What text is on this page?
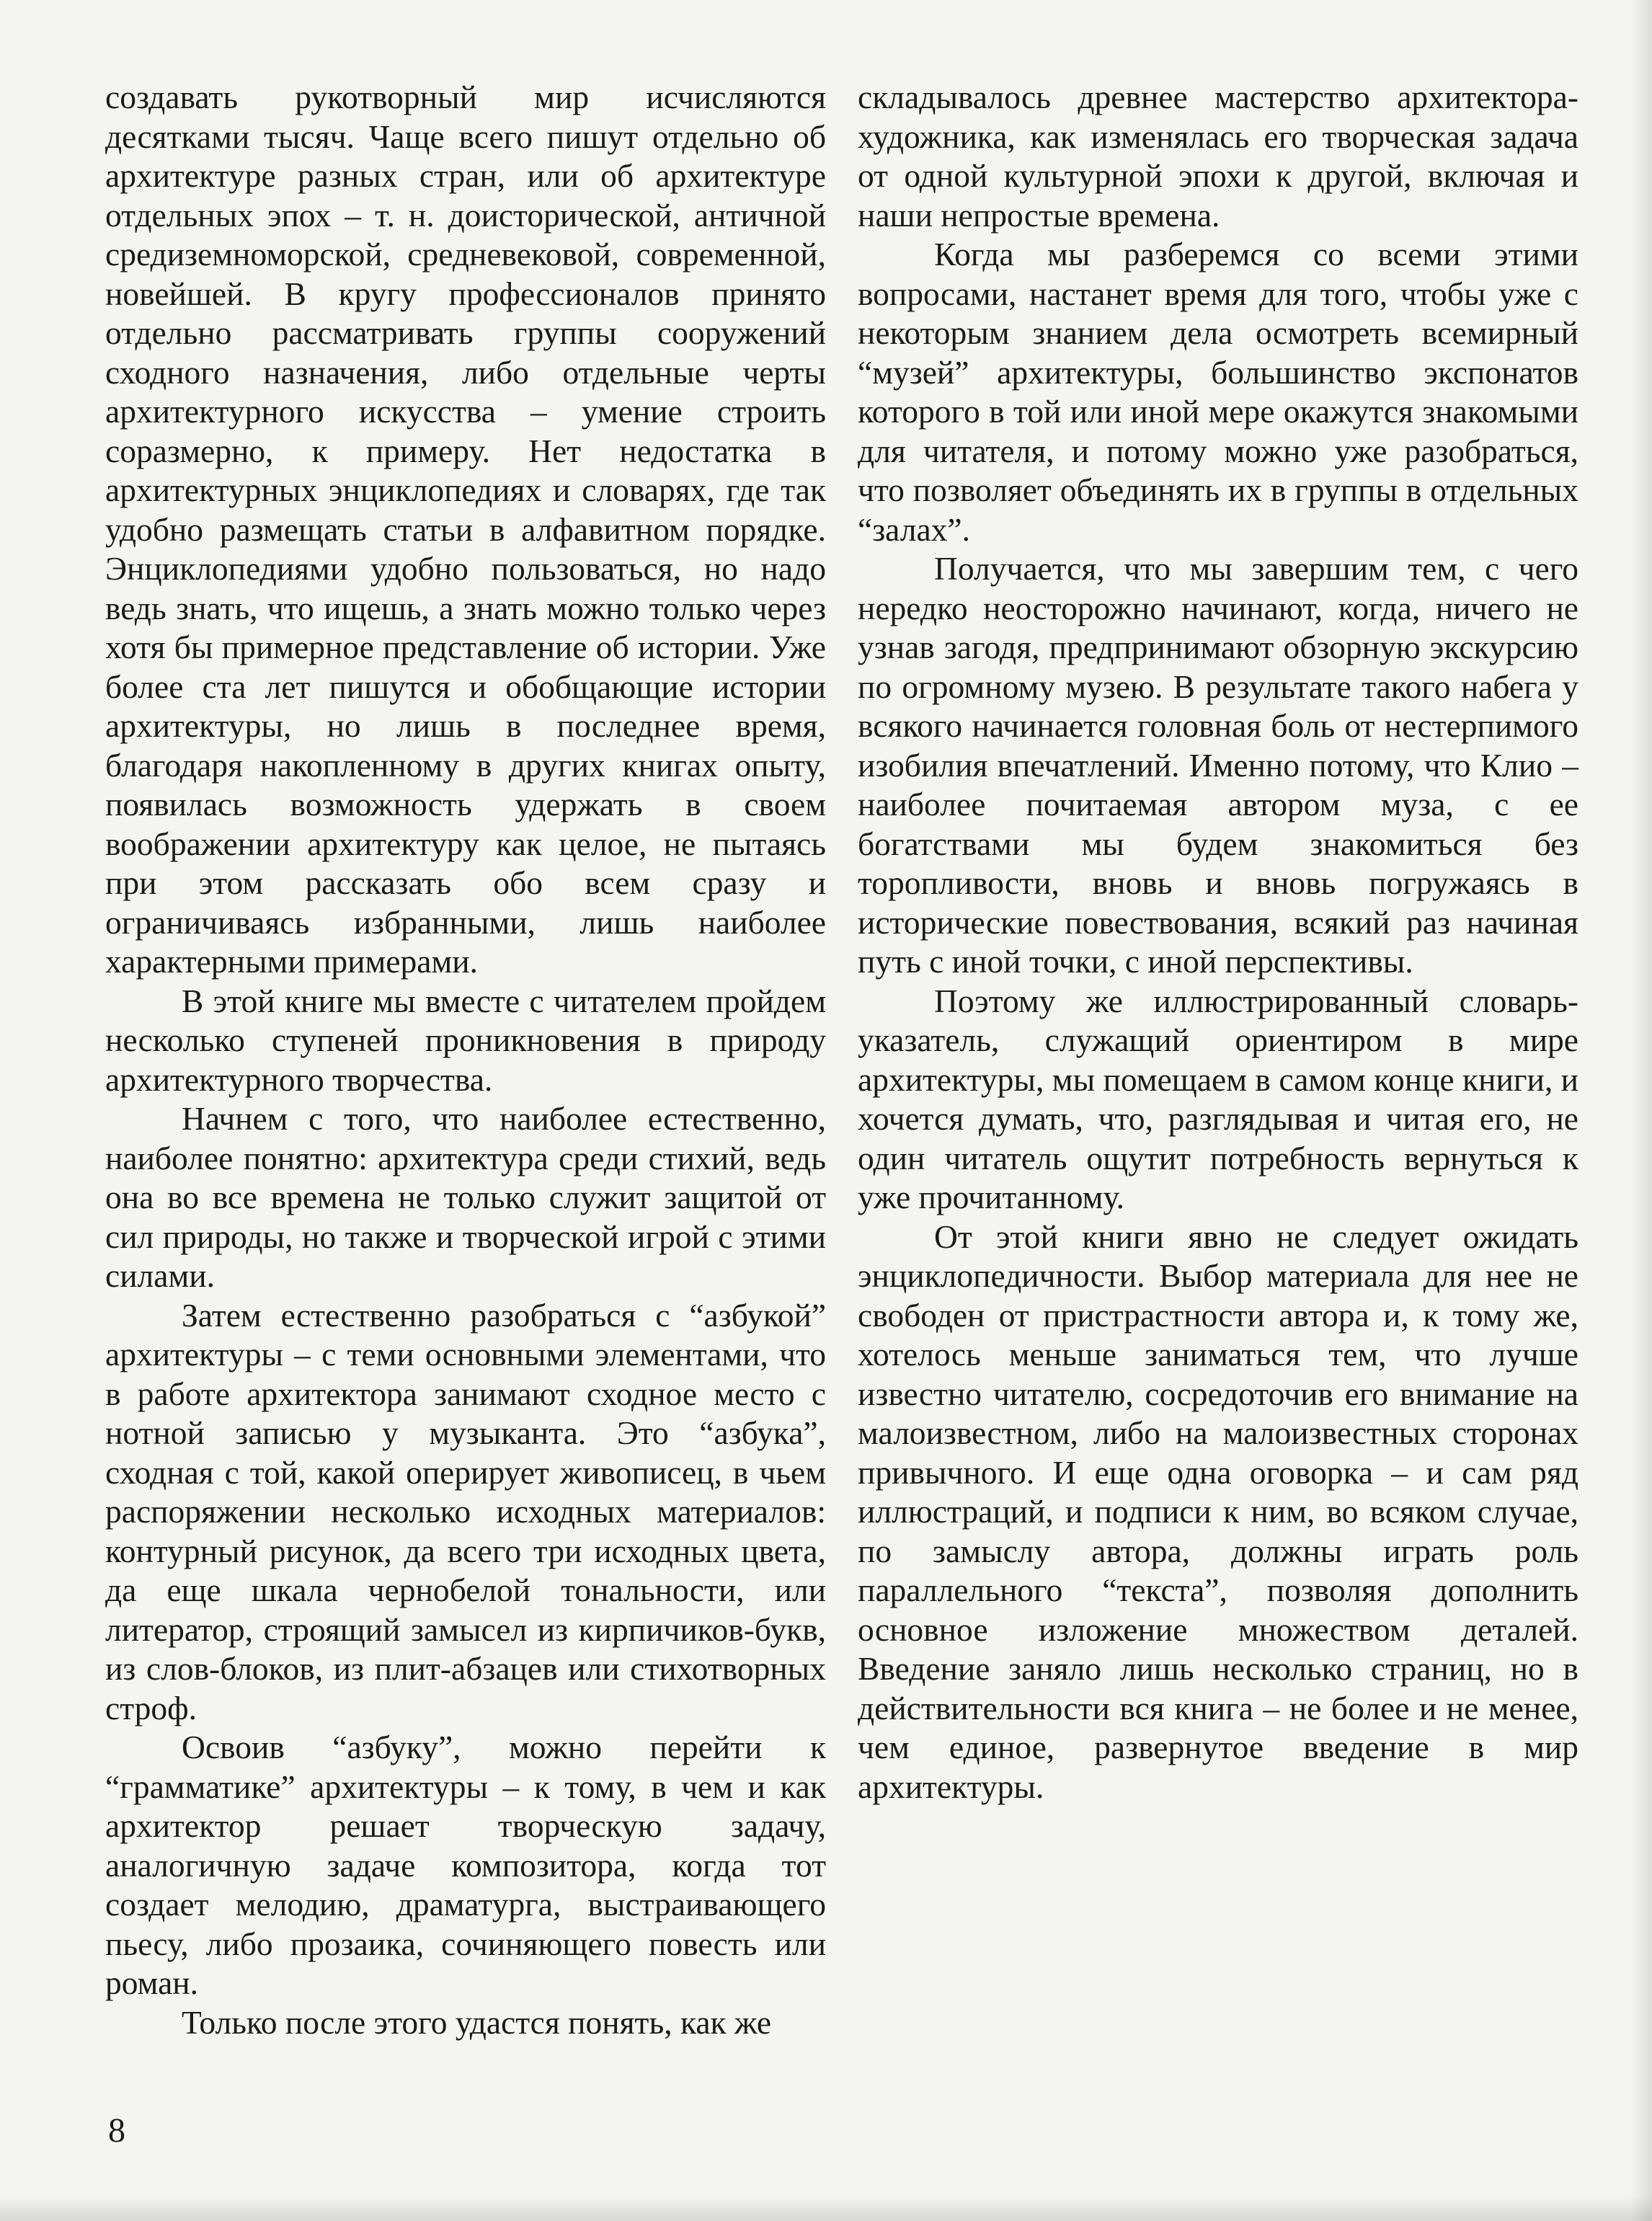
создавать рукотворный мир исчисляются десятками тысяч. Чаще всего пишут отдельно об архитектуре разных стран, или об архитектуре отдельных эпох – т. н. доисторической, античной средиземноморской, средневековой, современной, новейшей. В кругу профессионалов принято отдельно рассматривать группы сооружений сходного назначения, либо отдельные черты архитектурного искусства – умение строить соразмерно, к примеру. Нет недостатка в архитектурных энциклопедиях и словарях, где так удобно размещать статьи в алфавитном порядке. Энциклопедиями удобно пользоваться, но надо ведь знать, что ищешь, а знать можно только через хотя бы примерное представление об истории. Уже более ста лет пишутся и обобщающие истории архитектуры, но лишь в последнее время, благодаря накопленному в других книгах опыту, появилась возможность удержать в своем воображении архитектуру как целое, не пытаясь при этом рассказать обо всем сразу и ограничиваясь избранными, лишь наиболее характерными примерами.

В этой книге мы вместе с читателем пройдем несколько ступеней проникновения в природу архитектурного творчества.

Начнем с того, что наиболее естественно, наиболее понятно: архитектура среди стихий, ведь она во все времена не только служит защитой от сил природы, но также и творческой игрой с этими силами.

Затем естественно разобраться с “азбукой” архитектуры – с теми основными элементами, что в работе архитектора занимают сходное место с нотной записью у музыканта. Это “азбука”, сходная с той, какой оперирует живописец, в чьем распоряжении несколько исходных материалов: контурный рисунок, да всего три исходных цвета, да еще шкала чернобелой тональности, или литератор, строящий замысел из кирпичиков-букв, из слов-блоков, из плит-абзацев или стихотворных строф.

Освоив “азбуку”, можно перейти к “грамматике” архитектуры – к тому, в чем и как архитектор решает творческую задачу, аналогичную задаче композитора, когда тот создает мелодию, драматурга, выстраивающего пьесу, либо прозаика, сочиняющего повесть или роман.

Только после этого удастся понять, как же

складывалось древнее мастерство архитектора-художника, как изменялась его творческая задача от одной культурной эпохи к другой, включая и наши непростые времена.

Когда мы разберемся со всеми этими вопросами, настанет время для того, чтобы уже с некоторым знанием дела осмотреть всемирный “музей” архитектуры, большинство экспонатов которого в той или иной мере окажутся знакомыми для читателя, и потому можно уже разобраться, что позволяет объединять их в группы в отдельных “залах”.

Получается, что мы завершим тем, с чего нередко неосторожно начинают, когда, ничего не узнав загодя, предпринимают обзорную экскурсию по огромному музею. В результате такого набега у всякого начинается головная боль от нестерпимого изобилия впечатлений. Именно потому, что Клио – наиболее почитаемая автором муза, с ее богатствами мы будем знакомиться без торопливости, вновь и вновь погружаясь в исторические повествования, всякий раз начиная путь с иной точки, с иной перспективы.

Поэтому же иллюстрированный словарь-указатель, служащий ориентиром в мире архитектуры, мы помещаем в самом конце книги, и хочется думать, что, разглядывая и читая его, не один читатель ощутит потребность вернуться к уже прочитанному.

От этой книги явно не следует ожидать энциклопедичности. Выбор материала для нее не свободен от пристрастности автора и, к тому же, хотелось меньше заниматься тем, что лучше известно читателю, сосредоточив его внимание на малоизвестном, либо на малоизвестных сторонах привычного. И еще одна оговорка – и сам ряд иллюстраций, и подписи к ним, во всяком случае, по замыслу автора, должны играть роль параллельного “текста”, позволяя дополнить основное изложение множеством деталей. Введение заняло лишь несколько страниц, но в действительности вся книга – не более и не менее, чем единое, развернутое введение в мир архитектуры.

8
